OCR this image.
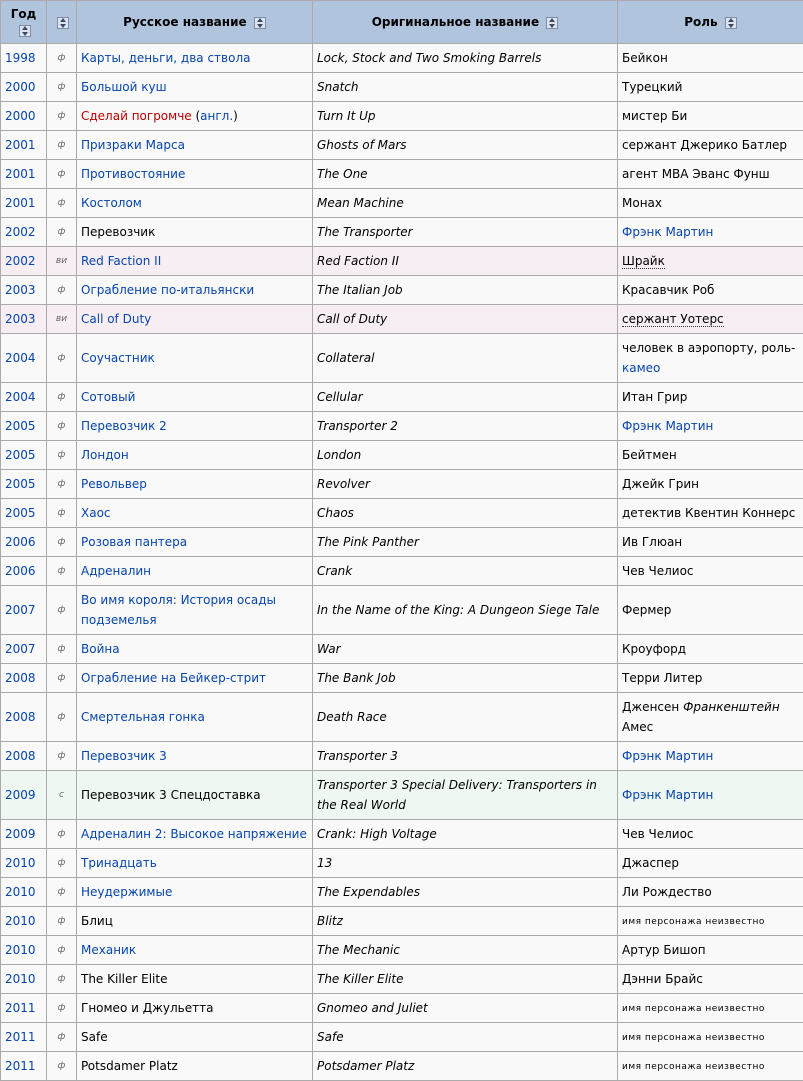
Год		Русское название	Оригинальное название	Роль
1998	ф	Карты, деньги, два ствола	Lock, Stock and Two Smoking Barrels	Бейкон
2000	ф	Большой куш	Snatch	Турецкий
2000	ф	Сделай погромче (англ.)	Turn It Up	мистер Би
2001	ф	Призраки Марса	Ghosts of Mars	сержант Джерико Батлер
2001	ф	Противостояние	The One	агент МВА Эванс Фунш
2001	ф	Костолом	Mean Machine	Монах
2002	ф	Перевозчик	The Transporter	Фрэнк Мартин
2002	ви	Red Faction II	Red Faction II	Шрайк
2003	ф	Ограбление по-итальянски	The Italian Job	Красавчик Роб
2003	ви	Call of Duty	Call of Duty	сержант Уотерс
2004	ф	Соучастник	Collateral	человек в аэропорту, роль-камео
2004	ф	Сотовый	Cellular	Итан Грир
2005	ф	Перевозчик 2	Transporter 2	Фрэнк Мартин
2005	ф	Лондон	London	Бейтмен
2005	ф	Револьвер	Revolver	Джейк Грин
2005	ф	Хаос	Chaos	детектив Квентин Коннерс
2006	ф	Розовая пантера	The Pink Panther	Ив Глюан
2006	ф	Адреналин	Crank	Чев Челиос
2007	ф	Во имя короля: История осады подземелья	In the Name of the King: A Dungeon Siege Tale	Фермер
2007	ф	Война	War	Кроуфорд
2008	ф	Ограбление на Бейкер-стрит	The Bank Job	Терри Литер
2008	ф	Смертельная гонка	Death Race	Дженсен Франкенштейн Амес
2008	ф	Перевозчик 3	Transporter 3	Фрэнк Мартин
2009	с	Перевозчик 3 Спецдоставка	Transporter 3 Special Delivery: Transporters in the Real World	Фрэнк Мартин
2009	ф	Адреналин 2: Высокое напряжение	Crank: High Voltage	Чев Челиос
2010	ф	Тринадцать	13	Джаспер
2010	ф	Неудержимые	The Expendables	Ли Рождество
2010	ф	Блиц	Blitz	имя персонажа неизвестно
2010	ф	Механик	The Mechanic	Артур Бишоп
2010	ф	The Killer Elite	The Killer Elite	Дэнни Брайс
2011	ф	Гномео и Джульетта	Gnomeo and Juliet	имя персонажа неизвестно
2011	ф	Safe	Safe	имя персонажа неизвестно
2011	ф	Potsdamer Platz	Potsdamer Platz	имя персонажа неизвестно
